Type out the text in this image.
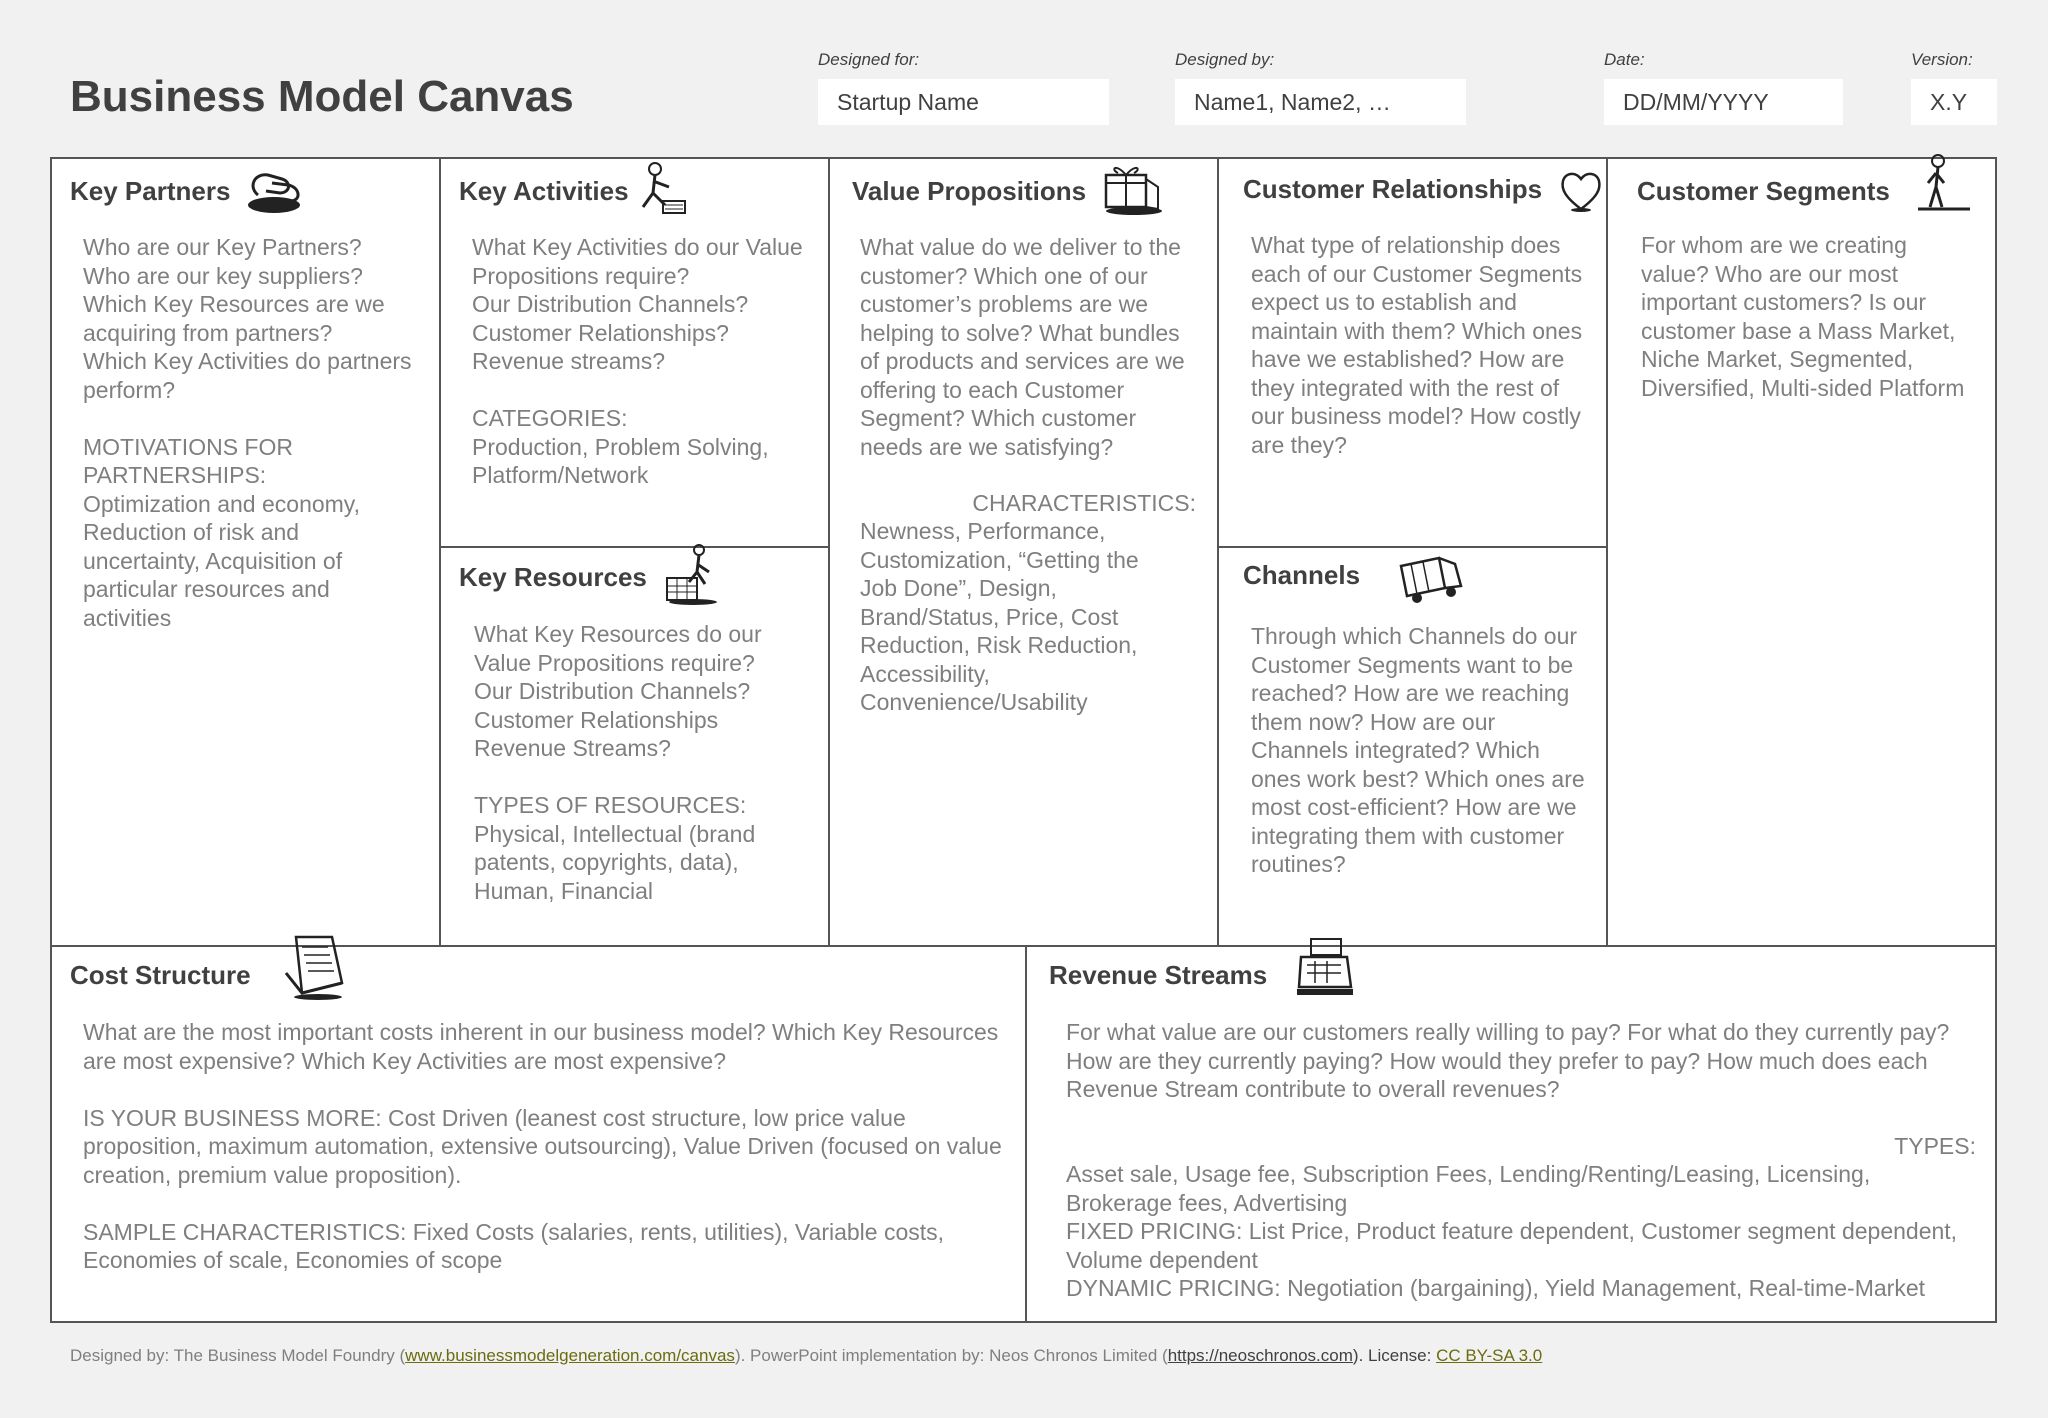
Business Model Canvas
Designed for:
Startup Name
Designed by:
Name1, Name2, …
Date:
DD/MM/YYYY
Version:
X.Y
Key Partners
Who are our Key Partners?
Who are our key suppliers?
Which Key Resources are we acquiring from partners?
Which Key Activities do partners perform?

MOTIVATIONS FOR PARTNERSHIPS:
Optimization and economy, Reduction of risk and uncertainty, Acquisition of particular resources and activities
Key Activities
What Key Activities do our Value Propositions require?
Our Distribution Channels?
Customer Relationships?
Revenue streams?

CATEGORIES:
Production, Problem Solving, Platform/Network
Key Resources
What Key Resources do our Value Propositions require?
Our Distribution Channels?
Customer Relationships
Revenue Streams?

TYPES OF RESOURCES:
Physical, Intellectual (brand patents, copyrights, data), Human, Financial
Value Propositions
What value do we deliver to the customer? Which one of our customer’s problems are we helping to solve? What bundles of products and services are we offering to each Customer Segment? Which customer needs are we satisfying?
CHARACTERISTICS:
Newness, Performance, Customization, “Getting the Job Done”, Design, Brand/Status, Price, Cost Reduction, Risk Reduction, Accessibility, Convenience/Usability
Customer Relationships
What type of relationship does each of our Customer Segments expect us to establish and maintain with them? Which ones have we established? How are they integrated with the rest of our business model? How costly are they?
Channels
Through which Channels do our Customer Segments want to be reached? How are we reaching them now? How are our Channels integrated? Which ones work best? Which ones are most cost-efficient? How are we integrating them with customer routines?
Customer Segments
For whom are we creating value? Who are our most important customers? Is our customer base a Mass Market, Niche Market, Segmented, Diversified, Multi-sided Platform
Cost Structure
What are the most important costs inherent in our business model? Which Key Resources are most expensive? Which Key Activities are most expensive?

IS YOUR BUSINESS MORE: Cost Driven (leanest cost structure, low price value proposition, maximum automation, extensive outsourcing), Value Driven (focused on value creation, premium value proposition).

SAMPLE CHARACTERISTICS: Fixed Costs (salaries, rents, utilities), Variable costs, Economies of scale, Economies of scope
Revenue Streams
For what value are our customers really willing to pay? For what do they currently pay? How are they currently paying? How would they prefer to pay? How much does each Revenue Stream contribute to overall revenues?
TYPES:
Asset sale, Usage fee, Subscription Fees, Lending/Renting/Leasing, Licensing, Brokerage fees, Advertising
FIXED PRICING: List Price, Product feature dependent, Customer segment dependent, Volume dependent
DYNAMIC PRICING: Negotiation (bargaining), Yield Management, Real-time-Market
Designed by: The Business Model Foundry (www.businessmodelgeneration.com/canvas). PowerPoint implementation by: Neos Chronos Limited (https://neoschronos.com). License: CC BY-SA 3.0
